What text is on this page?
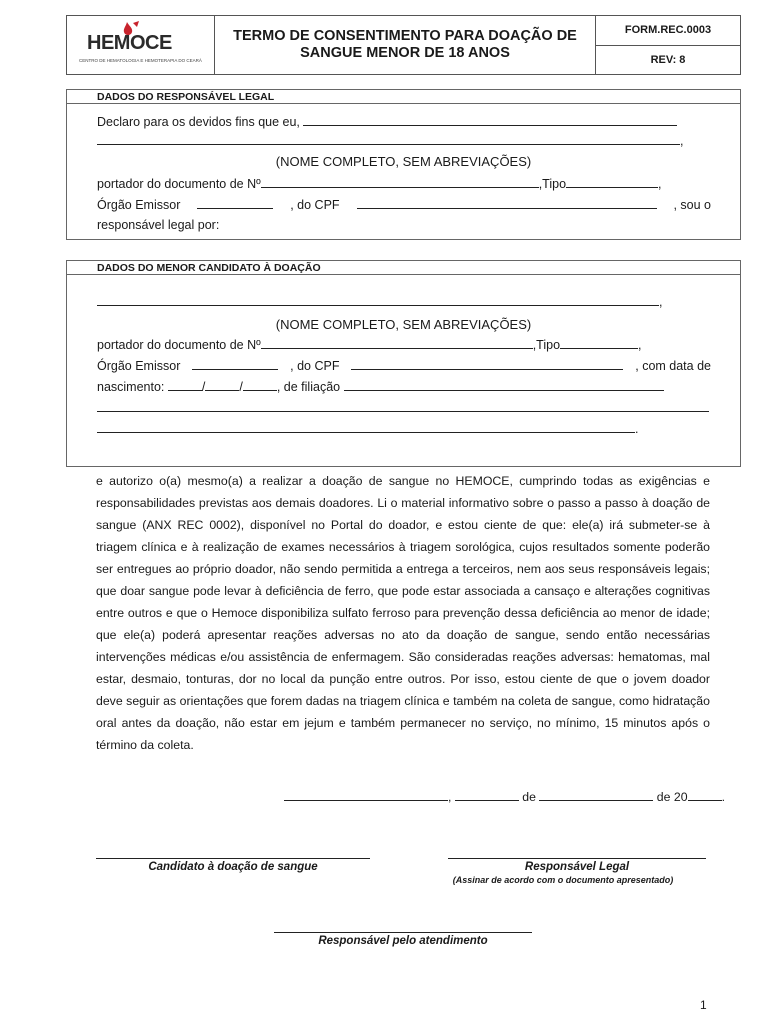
HEMOCE
CENTRO DE HEMATOLOGIA E HEMOTERAPIA DO CEARÁ
TERMO DE CONSENTIMENTO PARA DOAÇÃO DE SANGUE MENOR DE 18 ANOS
FORM.REC.0003
REV: 8
DADOS DO RESPONSÁVEL LEGAL
Declaro para os devidos fins que eu,
,
(NOME COMPLETO, SEM ABREVIAÇÕES)
portador do documento de Nº	,Tipo	,
Órgão Emissor	, do CPF	, sou o
responsável legal por:
DADOS DO MENOR CANDIDATO À DOAÇÃO
,
(NOME COMPLETO, SEM ABREVIAÇÕES)
portador do documento de Nº	,Tipo	,
Órgão Emissor	, do CPF	, com data de
nascimento:	/	/	, de filiação
.
e autorizo o(a) mesmo(a) a realizar a doação de sangue no HEMOCE, cumprindo todas as exigências e responsabilidades previstas aos demais doadores. Li o material informativo sobre o passo a passo à doação de sangue (ANX REC 0002), disponível no Portal do doador, e estou ciente de que: ele(a) irá submeter-se à triagem clínica e à realização de exames necessários à triagem sorológica, cujos resultados somente poderão ser entregues ao próprio doador, não sendo permitida a entrega a terceiros, nem aos seus responsáveis legais; que doar sangue pode levar à deficiência de ferro, que pode estar associada a cansaço e alterações cognitivas entre outros e que o Hemoce disponibiliza sulfato ferroso para prevenção dessa deficiência ao menor de idade; que ele(a) poderá apresentar reações adversas no ato da doação de sangue, sendo então necessárias intervenções médicas e/ou assistência de enfermagem. São consideradas reações adversas: hematomas, mal estar, desmaio, tonturas, dor no local da punção entre outros. Por isso, estou ciente de que o jovem doador deve seguir as orientações que forem dadas na triagem clínica e também na coleta de sangue, como hidratação oral antes da doação, não estar em jejum e também permanecer no serviço, no mínimo, 15 minutos após o término da coleta.
,	de	de 20	.
Candidato à doação de sangue	Responsável Legal
(Assinar de acordo com o documento apresentado)
Responsável pelo atendimento
1
